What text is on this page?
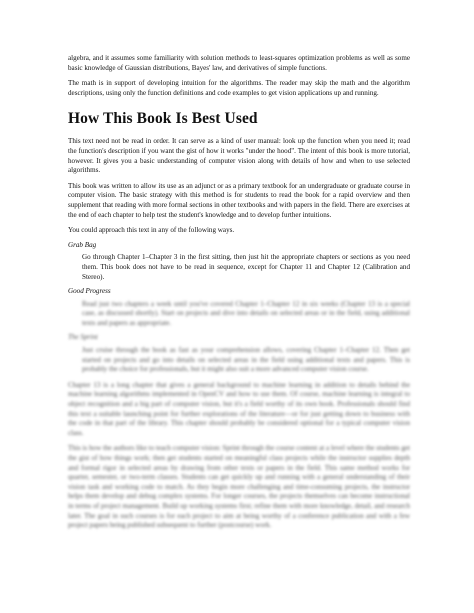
algebra, and it assumes some familiarity with solution methods to least-squares optimization problems as well as some basic knowledge of Gaussian distributions, Bayes' law, and derivatives of simple functions.

The math is in support of developing intuition for the algorithms. The reader may skip the math and the algorithm descriptions, using only the function definitions and code examples to get vision applications up and running.

How This Book Is Best Used

This text need not be read in order. It can serve as a kind of user manual: look up the function when you need it; read the function's description if you want the gist of how it works "under the hood". The intent of this book is more tutorial, however. It gives you a basic understanding of computer vision along with details of how and when to use selected algorithms.

This book was written to allow its use as an adjunct or as a primary textbook for an undergraduate or graduate course in computer vision. The basic strategy with this method is for students to read the book for a rapid overview and then supplement that reading with more formal sections in other textbooks and with papers in the field. There are exercises at the end of each chapter to help test the student's knowledge and to develop further intuitions.

You could approach this text in any of the following ways.

Grab Bag

Go through Chapter 1–Chapter 3 in the first sitting, then just hit the appropriate chapters or sections as you need them. This book does not have to be read in sequence, except for Chapter 11 and Chapter 12 (Calibration and Stereo).

Good Progress

Read just two chapters a week until you've covered Chapter 1–Chapter 12 in six weeks (Chapter 13 is a special case, as discussed shortly). Start on projects and dive into details on selected areas or in the field, using additional texts and papers as appropriate.

The Sprint

Just cruise through the book as fast as your comprehension allows, covering Chapter 1–Chapter 12. Then get started on projects and go into details on selected areas in the field using additional texts and papers. This is probably the choice for professionals, but it might also suit a more advanced computer vision course.

Chapter 13 is a long chapter that gives a general background to machine learning in addition to details behind the machine learning algorithms implemented in OpenCV and how to use them. Of course, machine learning is integral to object recognition and a big part of computer vision, but it's a field worthy of its own book. Professionals should find this text a suitable launching point for further explorations of the literature—or for just getting down to business with the code in that part of the library. This chapter should probably be considered optional for a typical computer vision class.

This is how the authors like to teach computer vision: Sprint through the course content at a level where the students get the gist of how things work; then get students started on meaningful class projects while the instructor supplies depth and formal rigor in selected areas by drawing from other texts or papers in the field. This same method works for quarter, semester, or two-term classes. Students can get quickly up and running with a general understanding of their vision task and working code to match. As they begin more challenging and time-consuming projects, the instructor helps them develop and debug complex systems. For longer courses, the projects themselves can become instructional in terms of project management. Build up working systems first; refine them with more knowledge, detail, and research later. The goal in such courses is for each project to aim at being worthy of a conference publication and with a few project papers being published subsequent to further (postcourse) work.
